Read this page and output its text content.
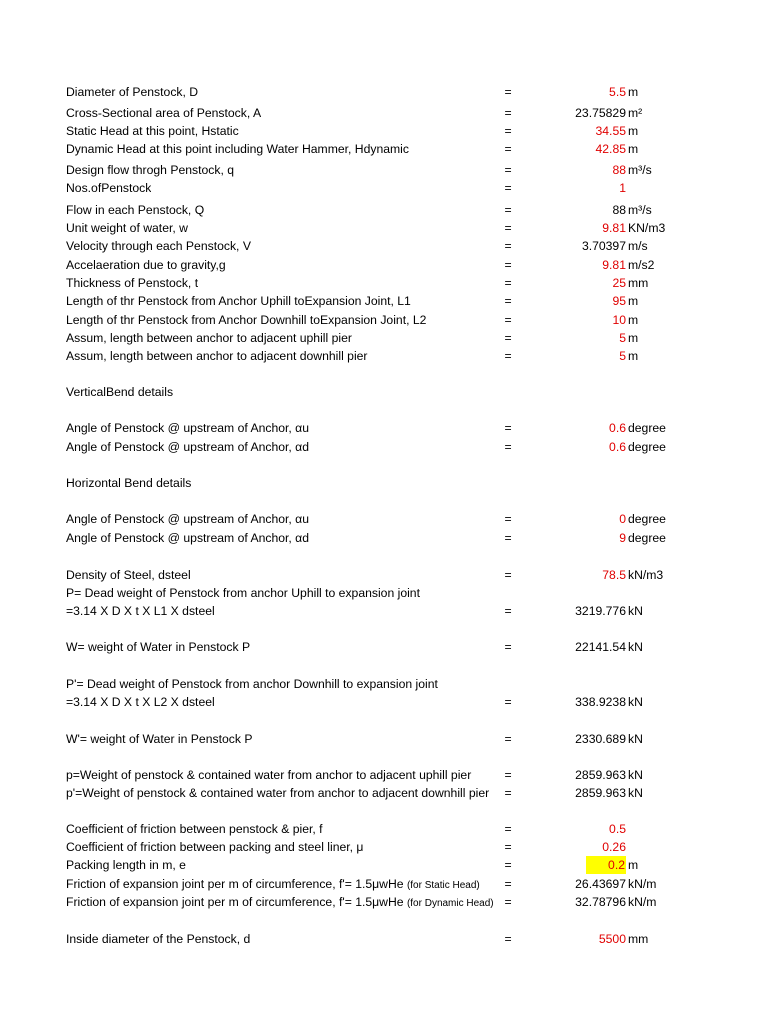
Diameter of Penstock, D	=	5.5 m
Cross-Sectional area of Penstock, A	=	23.75829 m²
Static Head at this point, Hstatic	=	34.55 m
Dynamic Head at this point including Water Hammer, Hdynamic	=	42.85 m
Design flow throgh Penstock, q	=	88 m³/s
Nos.ofPenstock	=	1
Flow in each Penstock, Q	=	88 m³/s
Unit weight of water, w	=	9.81 KN/m3
Velocity through each Penstock, V	=	3.70397 m/s
Accelaeration due to gravity,g	=	9.81 m/s2
Thickness of Penstock, t	=	25 mm
Length of thr Penstock from Anchor Uphill toExpansion Joint, L1	=	95 m
Length of thr Penstock from Anchor Downhill toExpansion Joint, L2	=	10 m
Assum, length between anchor to adjacent uphill pier	=	5 m
Assum, length between anchor to adjacent downhill pier	=	5 m
VerticalBend details
Angle of Penstock @ upstream of Anchor, αu	=	0.6 degree
Angle of Penstock @ upstream of Anchor, αd	=	0.6 degree
Horizontal Bend details
Angle of Penstock @ upstream of Anchor, αu	=	0 degree
Angle of Penstock @ upstream of Anchor, αd	=	9 degree
Density of Steel, dsteel	=	78.5 kN/m3
P= Dead weight of Penstock from anchor Uphill to expansion joint
=3.14 X D X t X L1 X dsteel	=	3219.776 kN
W= weight of Water in Penstock P	=	22141.54 kN
P'= Dead weight of Penstock from anchor Downhill to expansion joint
=3.14 X D X t X L2 X dsteel	=	338.9238 kN
W'= weight of Water in Penstock P	=	2330.689 kN
p=Weight of penstock & contained water from anchor to adjacent uphill pier	=	2859.963 kN
p'=Weight of penstock & contained water from anchor to adjacent downhill pier	=	2859.963 kN
Coefficient of friction between penstock & pier, f	=	0.5
Coefficient of friction between packing and steel liner, μ	=	0.26
Packing length in m, e	=	0.2 m
Friction of expansion joint per m of circumference, f'= 1.5μwHe (for Static Head)	=	26.43697 kN/m
Friction of expansion joint per m of circumference, f'= 1.5μwHe (for Dynamic Head) =	32.78796 kN/m
Inside diameter of the Penstock, d	=	5500 mm
